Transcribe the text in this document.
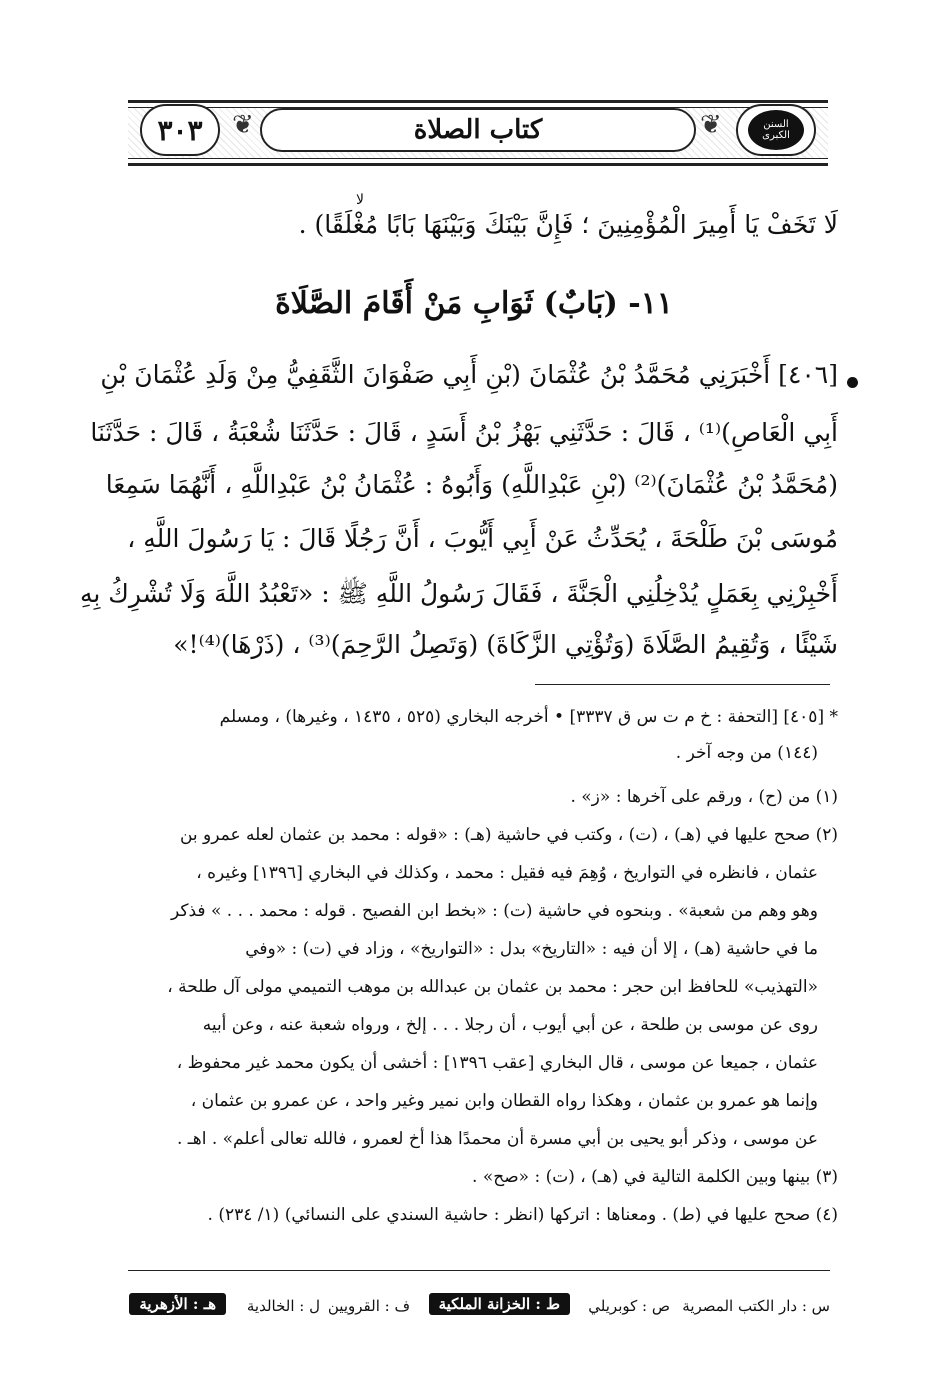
❦	❦
٣٠٣	كتاب الصلاة	السنن الكبرى
لَا تَخَفْ يَا أَمِيرَ الْمُؤْمِنِينَ ؛ فَإِنَّ بَيْنَكَ وَبَيْنَهَا بَابًا مُغْلَقًا) .
لا
١١- (بَابٌ) ثَوَابِ مَنْ أَقَامَ الصَّلَاةَ
[٤٠٦] أَخْبَرَنِي مُحَمَّدُ بْنُ عُثْمَانَ (بْنِ أَبِي صَفْوَانَ الثَّقَفِيُّ مِنْ وَلَدِ عُثْمَانَ بْنِ
أَبِي الْعَاصِ)⁽¹⁾ ، قَالَ : حَدَّثَنِي بَهْزُ بْنُ أَسَدٍ ، قَالَ : حَدَّثَنَا شُعْبَةُ ، قَالَ : حَدَّثَنَا
(مُحَمَّدُ بْنُ عُثْمَانَ)⁽²⁾ (بْنِ عَبْدِاللَّهِ) وَأَبُوهُ : عُثْمَانُ بْنُ عَبْدِاللَّهِ ، أَنَّهُمَا سَمِعَا
مُوسَى بْنَ طَلْحَةَ ، يُحَدِّثُ عَنْ أَبِي أَيُّوبَ ، أَنَّ رَجُلًا قَالَ : يَا رَسُولَ اللَّهِ ،
أَخْبِرْنِي بِعَمَلٍ يُدْخِلُنِي الْجَنَّةَ ، فَقَالَ رَسُولُ اللَّهِ ﷺ : «تَعْبُدُ اللَّهَ وَلَا تُشْرِكُ بِهِ
شَيْئًا ، وَتُقِيمُ الصَّلَاةَ (وَتُؤْتِي الزَّكَاةَ) (وَتَصِلُ الرَّحِمَ)⁽³⁾ ، (ذَرْهَا)⁽⁴⁾!»
* [٤٠٥] [التحفة : خ م ت س ق ٣٣٣٧] • أخرجه البخاري (٥٢٥ ، ١٤٣٥ ، وغيرها) ، ومسلم
(١٤٤) من وجه آخر .
(١) من (ح) ، ورقم على آخرها : «ز» .
(٢) صحح عليها في (هـ) ، (ت) ، وكتب في حاشية (هـ) : «قوله : محمد بن عثمان لعله عمرو بن
عثمان ، فانظره في التواريخ ، وُهِمَ فيه فقيل : محمد ، وكذلك في البخاري [١٣٩٦] وغيره ،
وهو وهم من شعبة» . وبنحوه في حاشية (ت) : «بخط ابن الفصيح . قوله : محمد . . . » فذكر
ما في حاشية (هـ) ، إلا أن فيه : «التاريخ» بدل : «التواريخ» ، وزاد في (ت) : «وفي
«التهذيب» للحافظ ابن حجر : محمد بن عثمان بن عبدالله بن موهب التميمي مولى آل طلحة ،
روى عن موسى بن طلحة ، عن أبي أيوب ، أن رجلا . . . إلخ ، ورواه شعبة عنه ، وعن أبيه
عثمان ، جميعا عن موسى ، قال البخاري [عقب ١٣٩٦] : أخشى أن يكون محمد غير محفوظ ،
وإنما هو عمرو بن عثمان ، وهكذا رواه القطان وابن نمير وغير واحد ، عن عمرو بن عثمان ،
عن موسى ، وذكر أبو يحيى بن أبي مسرة أن محمدًا هذا أخ لعمرو ، فالله تعالى أعلم» . اهـ .
(٣) بينها وبين الكلمة التالية في (هـ) ، (ت) : «صح» .
(٤) صحح عليها في (ط) . ومعناها : اتركها (انظر : حاشية السندي على النسائي) (١/ ٢٣٤) .
س : دار الكتب المصرية
ص : كوبريلي
ط : الخزانة الملكية
ف : القرويين
ل : الخالدية
هـ : الأزهرية
